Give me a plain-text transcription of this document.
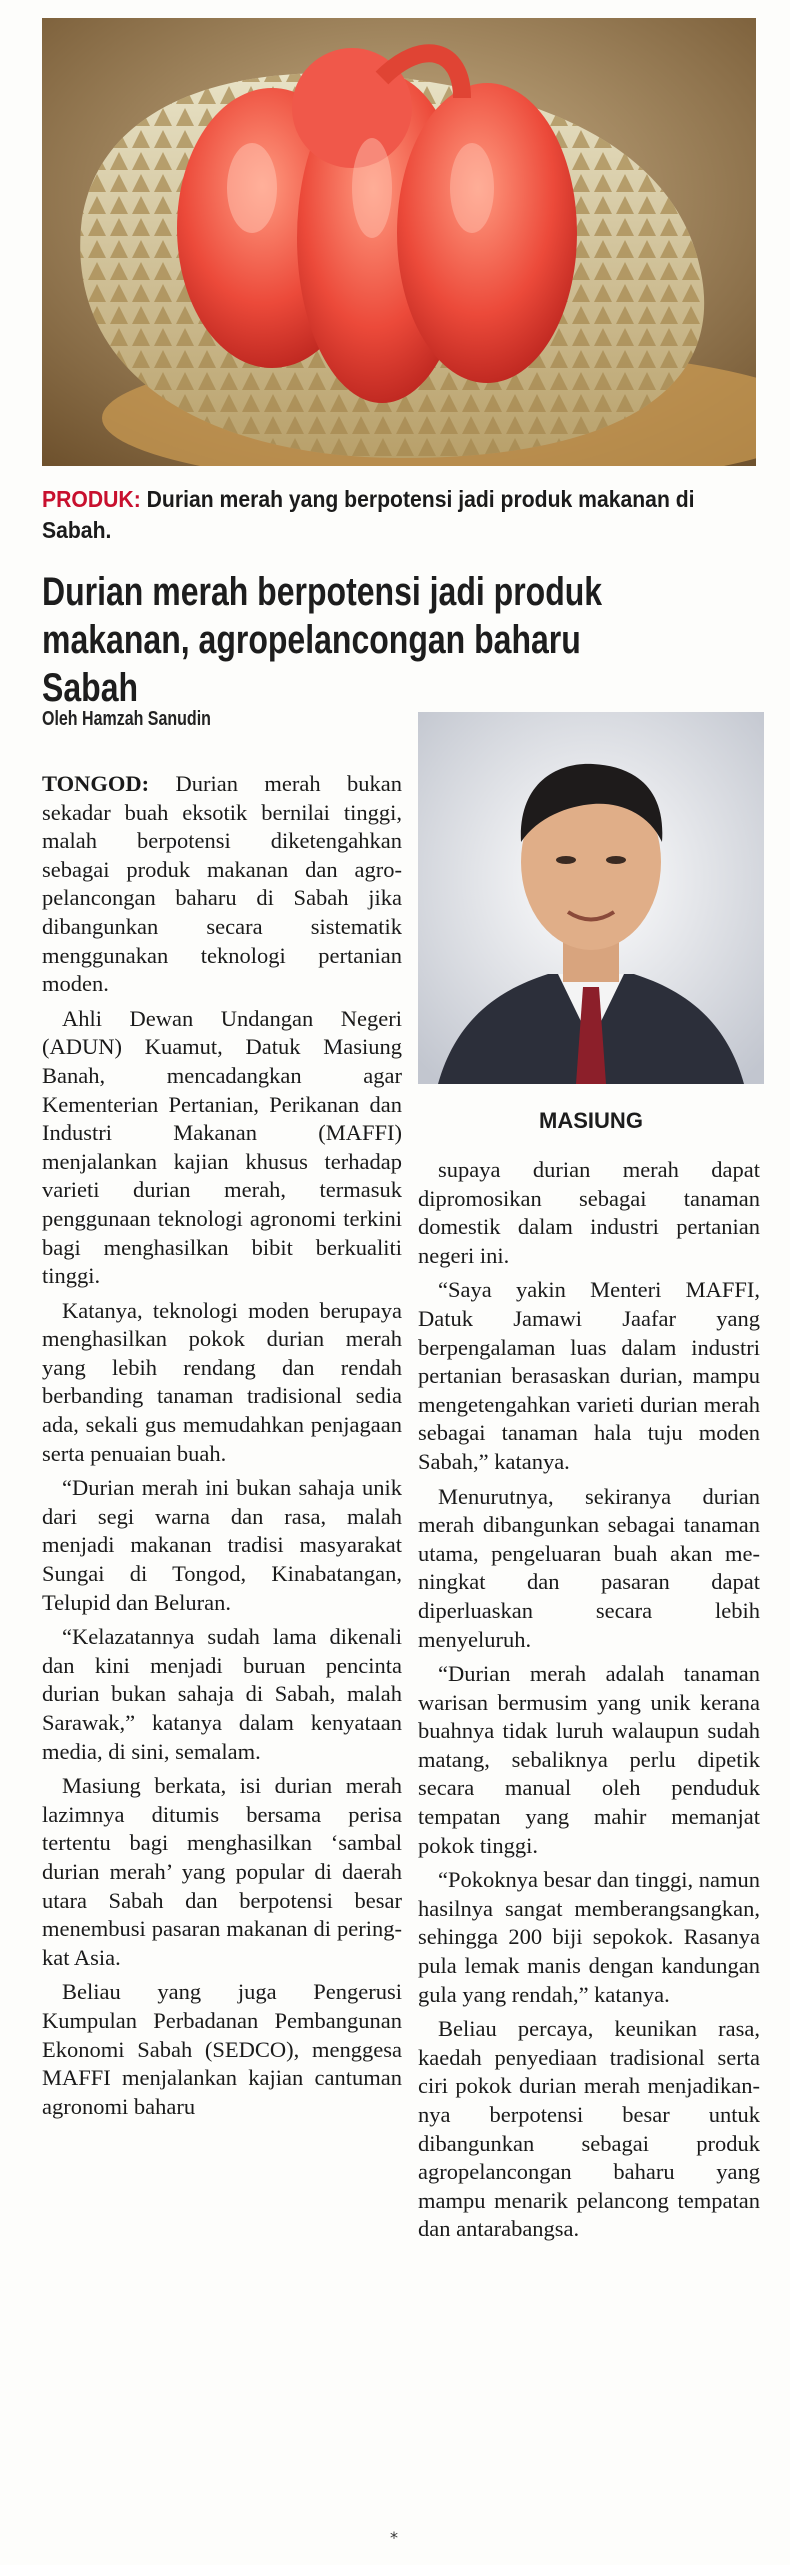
PRODUK: Durian merah yang berpotensi jadi produk makanan di Sabah.
Durian merah berpotensi jadi produk makanan, agropelancongan baharu Sabah
Oleh Hamzah Sanudin
MASIUNG

TONGOD: Durian merah bukan sekadar buah eksotik bernilai tinggi, malah berpotensi diketengahkan sebagai produk makanan dan agropelancongan baharu di Sabah jika dibangunkan secara sistematik menggunakan teknologi pertanian moden.

Ahli Dewan Undangan Negeri (ADUN) Kuamut, Datuk Masiung Banah, mencadangkan agar Kementerian Pertanian, Perikanan dan Industri Makanan (MAFFI) menjalankan kajian khusus terhadap varieti durian merah, termasuk penggunaan teknologi agronomi terkini bagi menghasilkan bibit berkualiti tinggi.

Katanya, teknologi moden berupaya menghasilkan pokok durian merah yang lebih rendang dan rendah berbanding tanaman tradisional sedia ada, sekali gus memudahkan penjagaan serta penuaian buah.

“Durian merah ini bukan sahaja unik dari segi warna dan rasa, malah menjadi makanan tradisi masyarakat Sungai di Tongod, Kinabatangan, Telupid dan Beluran.

“Kelazatannya sudah lama dikenali dan kini menjadi buruan pencinta durian bukan sahaja di Sabah, malah Sarawak,” katanya dalam kenyataan media, di sini, semalam.

Masiung berkata, isi durian merah lazimnya ditumis bersama perisa tertentu bagi menghasilkan ‘sambal durian merah’ yang popular di daerah utara Sabah dan berpotensi besar menembusi pasaran makanan di peringkat Asia.

Beliau yang juga Pengerusi Kumpulan Perbadanan Pembangunan Ekonomi Sabah (SEDCO), menggesa MAFFI menjalankan kajian cantuman agronomi baharu

supaya durian merah dapat dipromosikan sebagai tanaman domestik dalam industri pertanian negeri ini.

“Saya yakin Menteri MAFFI, Datuk Jamawi Jaafar yang berpengalaman luas dalam industri pertanian berasaskan durian, mampu mengetengahkan varieti durian merah sebagai tanaman hala tuju moden Sabah,” katanya.

Menurutnya, sekiranya durian merah dibangunkan sebagai tanaman utama, pengeluaran buah akan meningkat dan pasaran dapat diperluaskan secara lebih menyeluruh.

“Durian merah adalah tanaman warisan bermusim yang unik kerana buahnya tidak luruh walaupun sudah matang, sebaliknya perlu dipetik secara manual oleh penduduk tempatan yang mahir memanjat pokok tinggi.

“Pokoknya besar dan tinggi, namun hasilnya sangat memberangsangkan, sehingga 200 biji sepokok. Rasanya pula lemak manis dengan kandungan gula yang rendah,” katanya.

Beliau percaya, keunikan rasa, kaedah penyediaan tradisional serta ciri pokok durian merah menjadikannya berpotensi besar untuk dibangunkan sebagai produk agropelancongan baharu yang mampu menarik pelancong tempatan dan antarabangsa.

*
